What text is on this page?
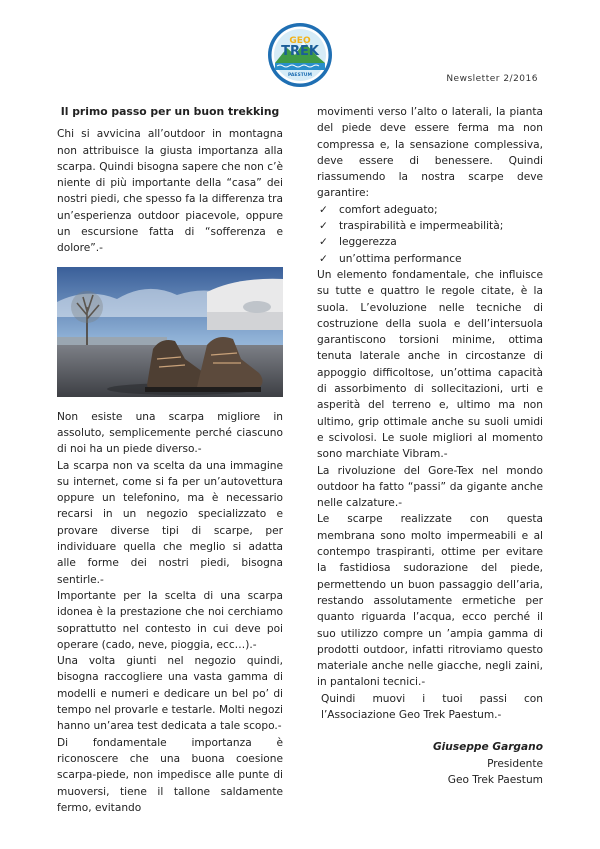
GEO
TREK
PAESTUM	Newsletter 2/2016

Il primo passo per un buon trekking

Chi si avvicina all’outdoor in montagna non attribuisce la giusta importanza alla scarpa. Quindi bisogna sapere che non c’è niente di più importante della “casa” dei nostri piedi, che spesso fa la differenza tra un’esperienza outdoor piacevole, oppure un escursione fatta di “sofferenza e dolore”.-

Non esiste una scarpa migliore in assoluto, semplicemente perché ciascuno di noi ha un piede diverso.-

La scarpa non va scelta da una immagine su internet, come si fa per un’autovettura oppure un telefonino, ma è necessario recarsi in un negozio specializzato e provare diverse tipi di scarpe, per individuare quella che meglio si adatta alle forme dei nostri piedi, bisogna sentirle.-

Importante per la scelta di una scarpa idonea è la prestazione che noi cerchiamo soprattutto nel contesto in cui deve poi operare (cado, neve, pioggia, ecc…).-

Una volta giunti nel negozio quindi, bisogna raccogliere una vasta gamma di modelli e numeri e dedicare un bel po’ di tempo nel provarle e testarle. Molti negozi hanno un’area test dedicata a tale scopo.-

Di fondamentale importanza è riconoscere che una buona coesione scarpa-piede, non impedisce alle punte di muoversi, tiene il tallone saldamente fermo, evitando

movimenti verso l’alto o laterali, la pianta del piede deve essere ferma ma non compressa e, la sensazione complessiva, deve essere di benessere. Quindi riassumendo la nostra scarpe deve garantire:

✓ comfort adeguato;
✓ traspirabilità e impermeabilità;
✓ leggerezza
✓ un’ottima performance

Un elemento fondamentale, che influisce su tutte e quattro le regole citate, è la suola. L’evoluzione nelle tecniche di costruzione della suola e dell’intersuola garantiscono torsioni minime, ottima tenuta laterale anche in circostanze di appoggio difficoltose, un’ottima capacità di assorbimento di sollecitazioni, urti e asperità del terreno e, ultimo ma non ultimo, grip ottimale anche su suoli umidi e scivolosi. Le suole migliori al momento sono marchiate Vibram.-

La rivoluzione del Gore-Tex nel mondo outdoor ha fatto “passi” da gigante anche nelle calzature.-

Le scarpe realizzate con questa membrana sono molto impermeabili e al contempo traspiranti, ottime per evitare la fastidiosa sudorazione del piede, permettendo un buon passaggio dell’aria, restando assolutamente ermetiche per quanto riguarda l’acqua, ecco perché il suo utilizzo compre un ’ampia gamma di prodotti outdoor, infatti ritroviamo questo materiale anche nelle giacche, negli zaini, in pantaloni tecnici.-

Quindi muovi i tuoi passi con l’Associazione Geo Trek Paestum.-

Giuseppe Gargano
Presidente
Geo Trek Paestum
